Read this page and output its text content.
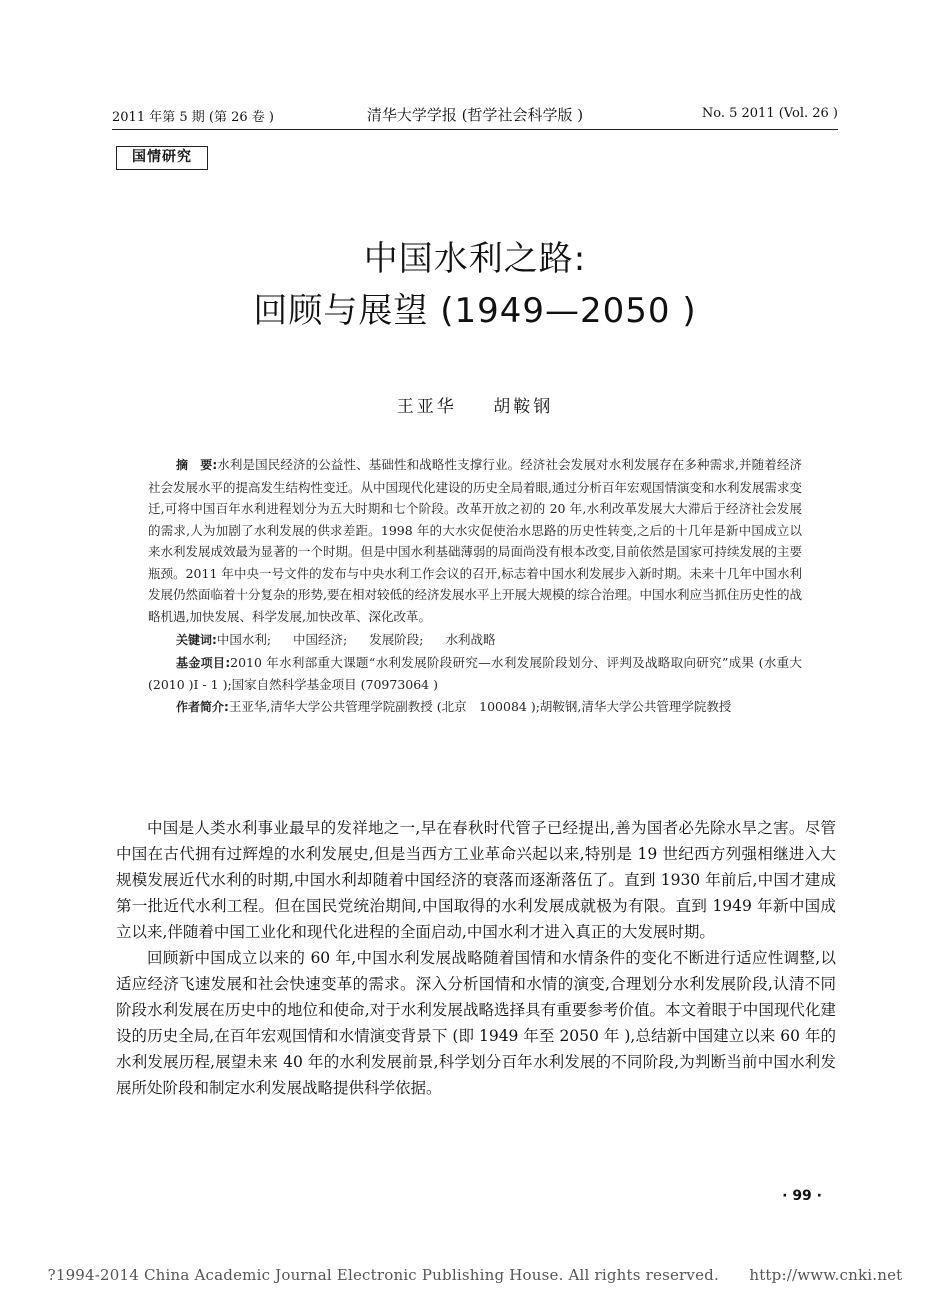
2011 年第 5 期 (第 26 卷 )	清华大学学报 (哲学社会科学版 )	No. 5 2011 (Vol. 26 )
国情研究
中国水利之路:
回顾与展望 (1949—2050 )
王亚华 胡鞍钢

摘　要:水利是国民经济的公益性、基础性和战略性支撑行业。经济社会发展对水利发展存在多种需求,并随着经济社会发展水平的提高发生结构性变迁。从中国现代化建设的历史全局着眼,通过分析百年宏观国情演变和水利发展需求变迁,可将中国百年水利进程划分为五大时期和七个阶段。改革开放之初的 20 年,水利改革发展大大滞后于经济社会发展的需求,人为加剧了水利发展的供求差距。1998 年的大水灾促使治水思路的历史性转变,之后的十几年是新中国成立以来水利发展成效最为显著的一个时期。但是中国水利基础薄弱的局面尚没有根本改变,目前依然是国家可持续发展的主要瓶颈。2011 年中央一号文件的发布与中央水利工作会议的召开,标志着中国水利发展步入新时期。未来十几年中国水利发展仍然面临着十分复杂的形势,要在相对较低的经济发展水平上开展大规模的综合治理。中国水利应当抓住历史性的战略机遇,加快发展、科学发展,加快改革、深化改革。

关键词:中国水利; 中国经济; 发展阶段; 水利战略

基金项目:2010 年水利部重大课题“水利发展阶段研究—水利发展阶段划分、评判及战略取向研究”成果 (水重大 (2010 )Ⅰ - 1 );国家自然科学基金项目 (70973064 )

作者简介:王亚华,清华大学公共管理学院副教授 (北京　100084 );胡鞍钢,清华大学公共管理学院教授

中国是人类水利事业最早的发祥地之一,早在春秋时代管子已经提出,善为国者必先除水旱之害。尽管中国在古代拥有过辉煌的水利发展史,但是当西方工业革命兴起以来,特别是 19 世纪西方列强相继进入大规模发展近代水利的时期,中国水利却随着中国经济的衰落而逐渐落伍了。直到 1930 年前后,中国才建成第一批近代水利工程。但在国民党统治期间,中国取得的水利发展成就极为有限。直到 1949 年新中国成立以来,伴随着中国工业化和现代化进程的全面启动,中国水利才进入真正的大发展时期。

回顾新中国成立以来的 60 年,中国水利发展战略随着国情和水情条件的变化不断进行适应性调整,以适应经济飞速发展和社会快速变革的需求。深入分析国情和水情的演变,合理划分水利发展阶段,认清不同阶段水利发展在历史中的地位和使命,对于水利发展战略选择具有重要参考价值。本文着眼于中国现代化建设的历史全局,在百年宏观国情和水情演变背景下 (即 1949 年至 2050 年 ),总结新中国建立以来 60 年的水利发展历程,展望未来 40 年的水利发展前景,科学划分百年水利发展的不同阶段,为判断当前中国水利发展所处阶段和制定水利发展战略提供科学依据。

· 99 ·
?1994-2014 China Academic Journal Electronic Publishing House. All rights reserved.　　http://www.cnki.net
